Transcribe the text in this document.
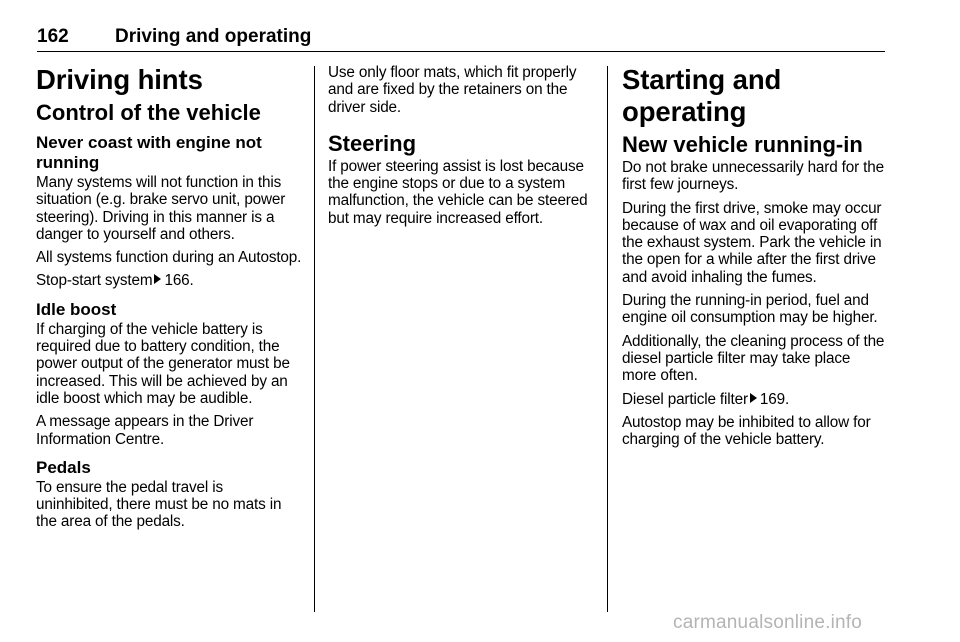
162 Driving and operating
Driving hints
Control of the vehicle
Never coast with engine not running

Many systems will not function in this situation (e.g. brake servo unit, power steering). Driving in this manner is a danger to yourself and others.

All systems function during an Autostop.

Stop-start system 166.

Idle boost

If charging of the vehicle battery is required due to battery condition, the power output of the generator must be increased. This will be achieved by an idle boost which may be audible.

A message appears in the Driver Information Centre.

Pedals

To ensure the pedal travel is uninhibited, there must be no mats in the area of the pedals.

Use only floor mats, which fit properly and are fixed by the retainers on the driver side.

Steering

If power steering assist is lost because the engine stops or due to a system malfunction, the vehicle can be steered but may require increased effort.

Starting and operating
New vehicle running-in

Do not brake unnecessarily hard for the first few journeys.

During the first drive, smoke may occur because of wax and oil evaporating off the exhaust system. Park the vehicle in the open for a while after the first drive and avoid inhaling the fumes.

During the running-in period, fuel and engine oil consumption may be higher.

Additionally, the cleaning process of the diesel particle filter may take place more often.

Diesel particle filter 169.

Autostop may be inhibited to allow for charging of the vehicle battery.

carmanualsonline.info
